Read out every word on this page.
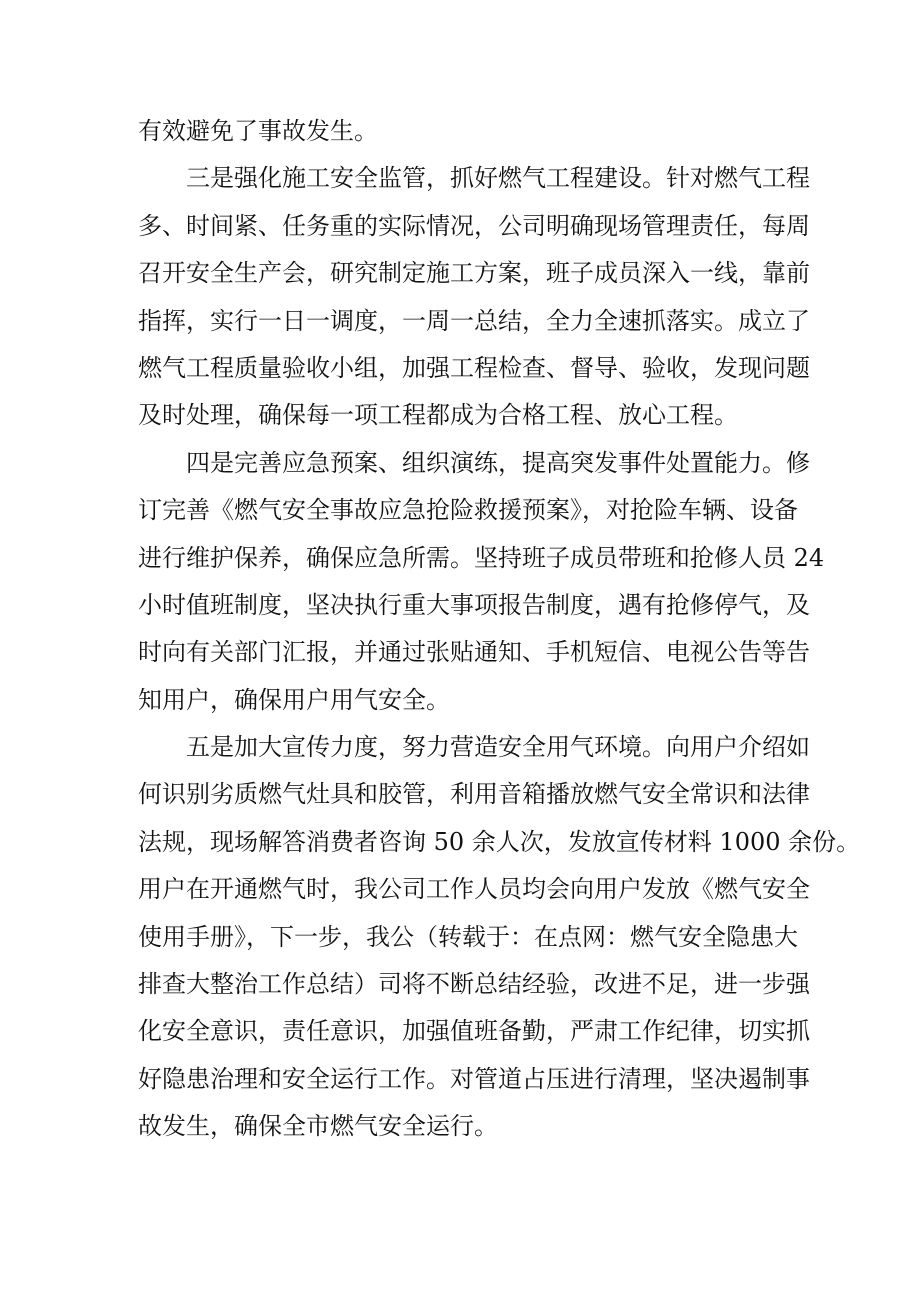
有效避免了事故发生。
三是强化施工安全监管，抓好燃气工程建设。针对燃气工程
多、时间紧、任务重的实际情况，公司明确现场管理责任，每周
召开安全生产会，研究制定施工方案，班子成员深入一线，靠前
指挥，实行一日一调度，一周一总结，全力全速抓落实。成立了
燃气工程质量验收小组，加强工程检查、督导、验收，发现问题
及时处理，确保每一项工程都成为合格工程、放心工程。
四是完善应急预案、组织演练，提高突发事件处置能力。修
订完善《燃气安全事故应急抢险救援预案》，对抢险车辆、设备
进行维护保养，确保应急所需。坚持班子成员带班和抢修人员 24
小时值班制度，坚决执行重大事项报告制度，遇有抢修停气，及
时向有关部门汇报，并通过张贴通知、手机短信、电视公告等告
知用户，确保用户用气安全。
五是加大宣传力度，努力营造安全用气环境。向用户介绍如
何识别劣质燃气灶具和胶管，利用音箱播放燃气安全常识和法律
法规，现场解答消费者咨询 50 余人次，发放宣传材料 1000 余份。
用户在开通燃气时，我公司工作人员均会向用户发放《燃气安全
使用手册》，下一步，我公（转载于：在点网：燃气安全隐患大
排查大整治工作总结）司将不断总结经验，改进不足，进一步强
化安全意识，责任意识，加强值班备勤，严肃工作纪律，切实抓
好隐患治理和安全运行工作。对管道占压进行清理，坚决遏制事
故发生，确保全市燃气安全运行。
